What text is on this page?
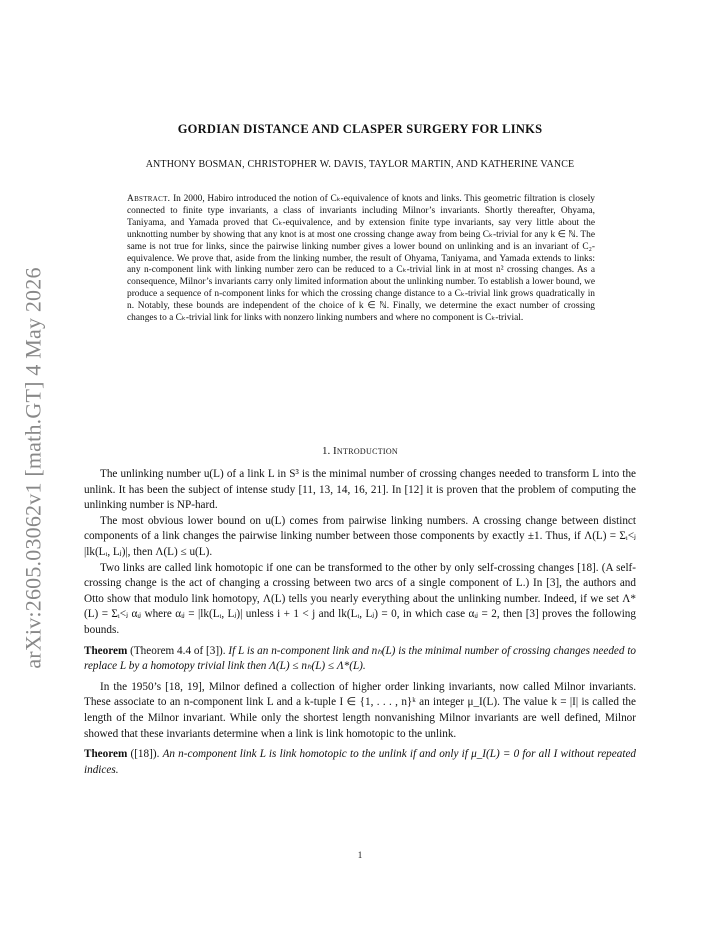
arXiv:2605.03062v1 [math.GT] 4 May 2026
GORDIAN DISTANCE AND CLASPER SURGERY FOR LINKS
ANTHONY BOSMAN, CHRISTOPHER W. DAVIS, TAYLOR MARTIN, AND KATHERINE VANCE

Abstract. In 2000, Habiro introduced the notion of Cₖ-equivalence of knots and links. This geometric filtration is closely connected to finite type invariants, a class of invariants including Milnor’s invariants. Shortly thereafter, Ohyama, Taniyama, and Yamada proved that Cₖ-equivalence, and by extension finite type invariants, say very little about the unknotting number by showing that any knot is at most one crossing change away from being Cₖ-trivial for any k ∈ ℕ. The same is not true for links, since the pairwise linking number gives a lower bound on unlinking and is an invariant of C₂-equivalence. We prove that, aside from the linking number, the result of Ohyama, Taniyama, and Yamada extends to links: any n-component link with linking number zero can be reduced to a Cₖ-trivial link in at most n² crossing changes. As a consequence, Milnor’s invariants carry only limited information about the unlinking number. To establish a lower bound, we produce a sequence of n-component links for which the crossing change distance to a Cₖ-trivial link grows quadratically in n. Notably, these bounds are independent of the choice of k ∈ ℕ. Finally, we determine the exact number of crossing changes to a Cₖ-trivial link for links with nonzero linking numbers and where no component is Cₖ-trivial.

1. Introduction

The unlinking number u(L) of a link L in S³ is the minimal number of crossing changes needed to transform L into the unlink. It has been the subject of intense study [11, 13, 14, 16, 21]. In [12] it is proven that the problem of computing the unlinking number is NP-hard.

The most obvious lower bound on u(L) comes from pairwise linking numbers. A crossing change between distinct components of a link changes the pairwise linking number between those components by exactly ±1. Thus, if Λ(L) = Σᵢ<ⱼ |lk(Lᵢ, Lⱼ)|, then Λ(L) ≤ u(L).

Two links are called link homotopic if one can be transformed to the other by only self-crossing changes [18]. (A self-crossing change is the act of changing a crossing between two arcs of a single component of L.) In [3], the authors and Otto show that modulo link homotopy, Λ(L) tells you nearly everything about the unlinking number. Indeed, if we set Λ*(L) = Σᵢ<ⱼ αᵢⱼ where αᵢⱼ = |lk(Lᵢ, Lⱼ)| unless i + 1 < j and lk(Lᵢ, Lⱼ) = 0, in which case αᵢⱼ = 2, then [3] proves the following bounds.

Theorem (Theorem 4.4 of [3]). If L is an n-component link and nₕ(L) is the minimal number of crossing changes needed to replace L by a homotopy trivial link then Λ(L) ≤ nₕ(L) ≤ Λ*(L).

In the 1950’s [18, 19], Milnor defined a collection of higher order linking invariants, now called Milnor invariants. These associate to an n-component link L and a k-tuple I ∈ {1, . . . , n}ᵏ an integer μ_I(L). The value k = |I| is called the length of the Milnor invariant. While only the shortest length nonvanishing Milnor invariants are well defined, Milnor showed that these invariants determine when a link is link homotopic to the unlink.

Theorem ([18]). An n-component link L is link homotopic to the unlink if and only if μ_I(L) = 0 for all I without repeated indices.

1
